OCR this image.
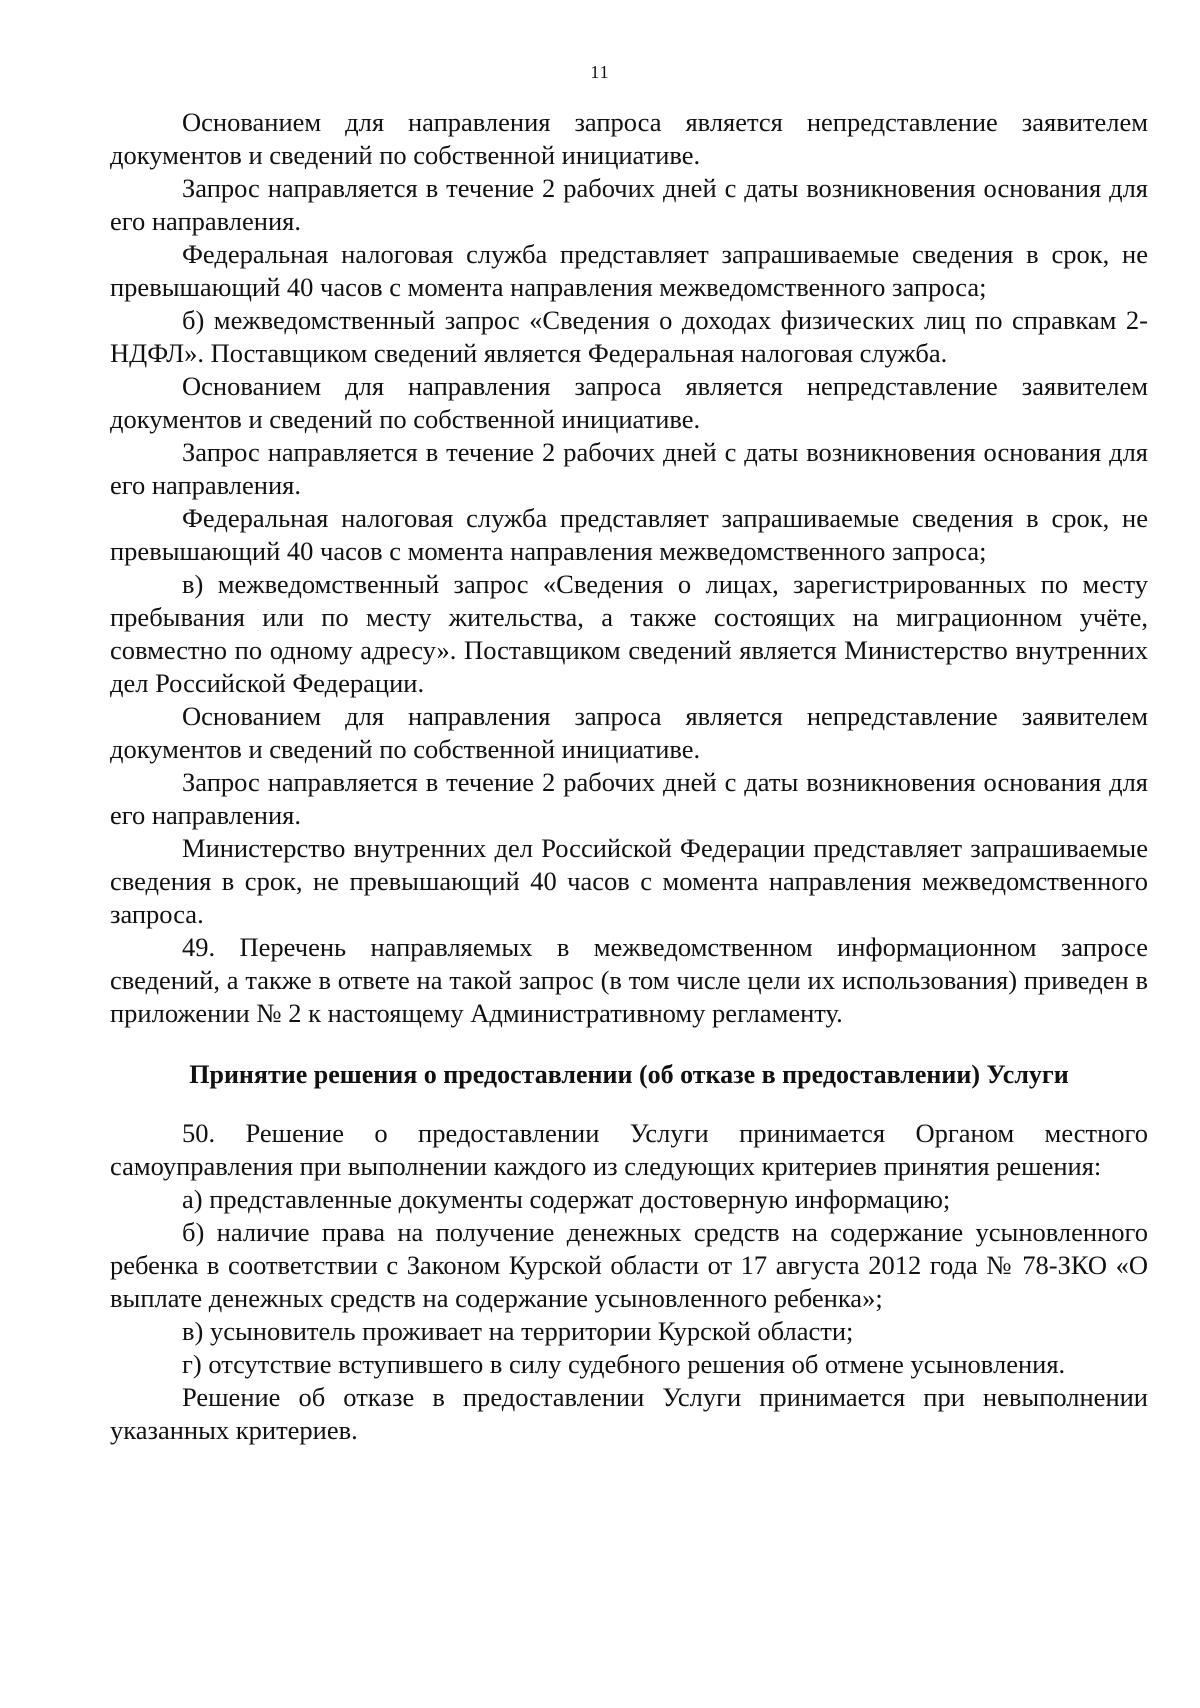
11

Основанием для направления запроса является непредставление заявителем документов и сведений по собственной инициативе.

Запрос направляется в течение 2 рабочих дней с даты возникновения основания для его направления.

Федеральная налоговая служба представляет запрашиваемые сведения в срок, не превышающий 40 часов с момента направления межведомственного запроса;

б) межведомственный запрос «Сведения о доходах физических лиц по справкам 2-НДФЛ». Поставщиком сведений является Федеральная налоговая служба.

Основанием для направления запроса является непредставление заявителем документов и сведений по собственной инициативе.

Запрос направляется в течение 2 рабочих дней с даты возникновения основания для его направления.

Федеральная налоговая служба представляет запрашиваемые сведения в срок, не превышающий 40 часов с момента направления межведомственного запроса;

в) межведомственный запрос «Сведения о лицах, зарегистрированных по месту пребывания или по месту жительства, а также состоящих на миграционном учёте, совместно по одному адресу». Поставщиком сведений является Министерство внутренних дел Российской Федерации.

Основанием для направления запроса является непредставление заявителем документов и сведений по собственной инициативе.

Запрос направляется в течение 2 рабочих дней с даты возникновения основания для его направления.

Министерство внутренних дел Российской Федерации представляет запрашиваемые сведения в срок, не превышающий 40 часов с момента направления межведомственного запроса.

49. Перечень направляемых в межведомственном информационном запросе сведений, а также в ответе на такой запрос (в том числе цели их использования) приведен в приложении № 2 к настоящему Административному регламенту.

Принятие решения о предоставлении (об отказе в предоставлении) Услуги

50. Решение о предоставлении Услуги принимается Органом местного самоуправления при выполнении каждого из следующих критериев принятия решения:

а) представленные документы содержат достоверную информацию;

б) наличие права на получение денежных средств на содержание усыновленного ребенка в соответствии с Законом Курской области от 17 августа 2012 года № 78-ЗКО «О выплате денежных средств на содержание усыновленного ребенка»;

в) усыновитель проживает на территории Курской области;

г) отсутствие вступившего в силу судебного решения об отмене усыновления.

Решение об отказе в предоставлении Услуги принимается при невыполнении указанных критериев.
